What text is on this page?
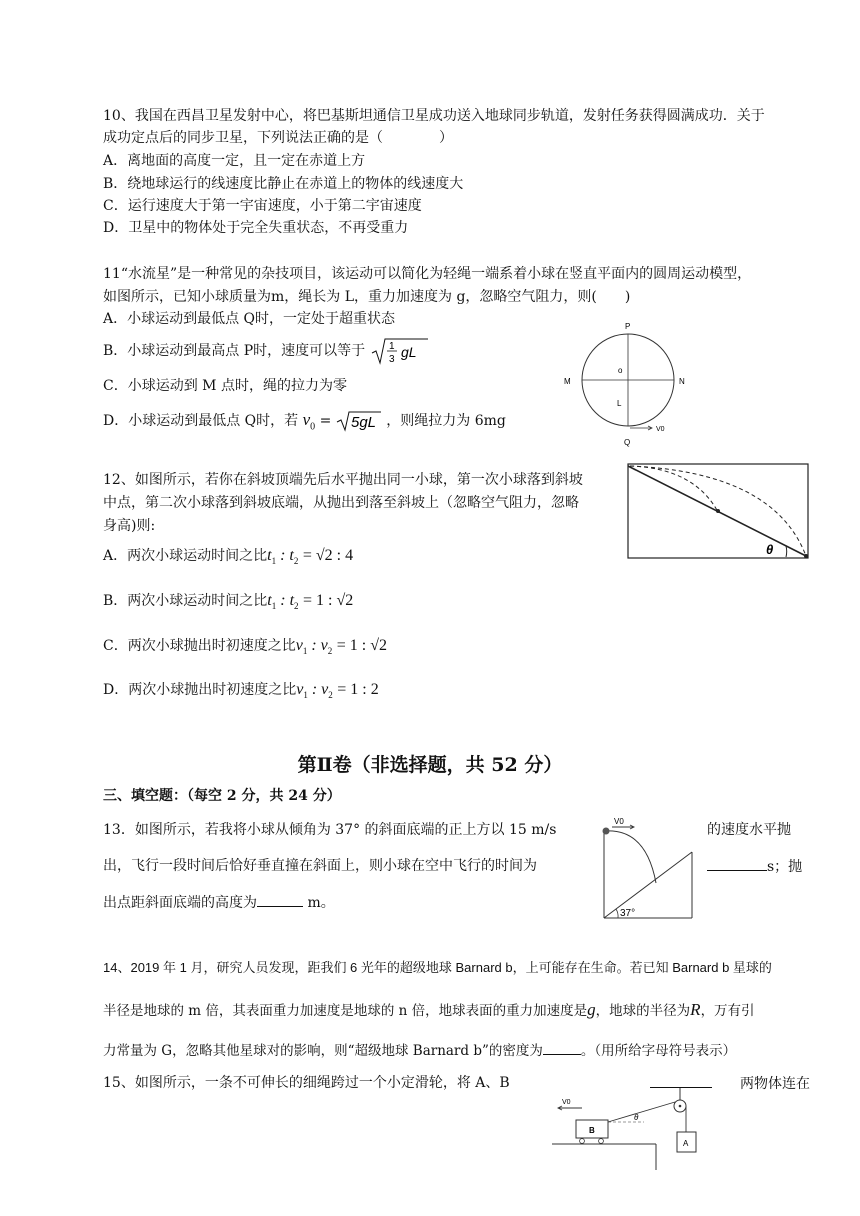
10、我国在西昌卫星发射中心，将巴基斯坦通信卫星成功送入地球同步轨道，发射任务获得圆满成功．关于
成功定点后的同步卫星，下列说法正确的是（　　　　）
A．离地面的高度一定，且一定在赤道上方
B．绕地球运行的线速度比静止在赤道上的物体的线速度大
C．运行速度大于第一宇宙速度，小于第二宇宙速度
D．卫星中的物体处于完全失重状态，不再受重力
11“水流星”是一种常见的杂技项目，该运动可以简化为轻绳一端系着小球在竖直平面内的圆周运动模型，
如图所示，已知小球质量为m，绳长为 L，重力加速度为 g，忽略空气阻力，则(　　)
A．小球运动到最低点 Q时，一定处于超重状态
B．小球运动到最高点 P时，速度可以等于 1
3 gL
C．小球运动到 M 点时，绳的拉力为零
D．小球运动到最低点 Q时，若 $v_0 = 5gL$ ，则绳拉力为 6mg
P
M	N
o
L
Q
V0
12、如图所示，若你在斜坡顶端先后水平抛出同一小球，第一次小球落到斜坡
中点，第二次小球落到斜坡底端，从抛出到落至斜坡上（忽略空气阻力，忽略
身高)则:
A．两次小球运动时间之比$t_1$ : $t_2 = √2$ : 4
B．两次小球运动时间之比$t_1$ : $t_2 = 1$ : √2
C．两次小球抛出时初速度之比$v_1$ : $v_2 = 1$ : √2
D．两次小球抛出时初速度之比$v_1$ : $v_2 = 1$ : 2
θ
第Ⅱ卷（非选择题，共 52 分）
三、填空题：（每空 2 分，共 24 分）
13．如图所示，若我将小球从倾角为 37° 的斜面底端的正上方以 15 m/s	的速度水平抛
出，飞行一段时间后恰好垂直撞在斜面上，则小球在空中飞行的时间为	s；抛
出点距斜面底端的高度为	m。
V0
37°
14、2019 年 1 月，研究人员发现，距我们 6 光年的超级地球 Barnard b，上可能存在生命。若已知 Barnard b 星球的
半径是地球的 m 倍，其表面重力加速度是地球的 n 倍，地球表面的重力加速度是g，地球的半径为R，万有引
力常量为 G，忽略其他星球对的影响，则“超级地球 Barnard b”的密度为	。（用所给字母符号表示）
15、如图所示，一条不可伸长的细绳跨过一个小定滑轮，将 A、B	两物体连在
A
θ
B
V0
